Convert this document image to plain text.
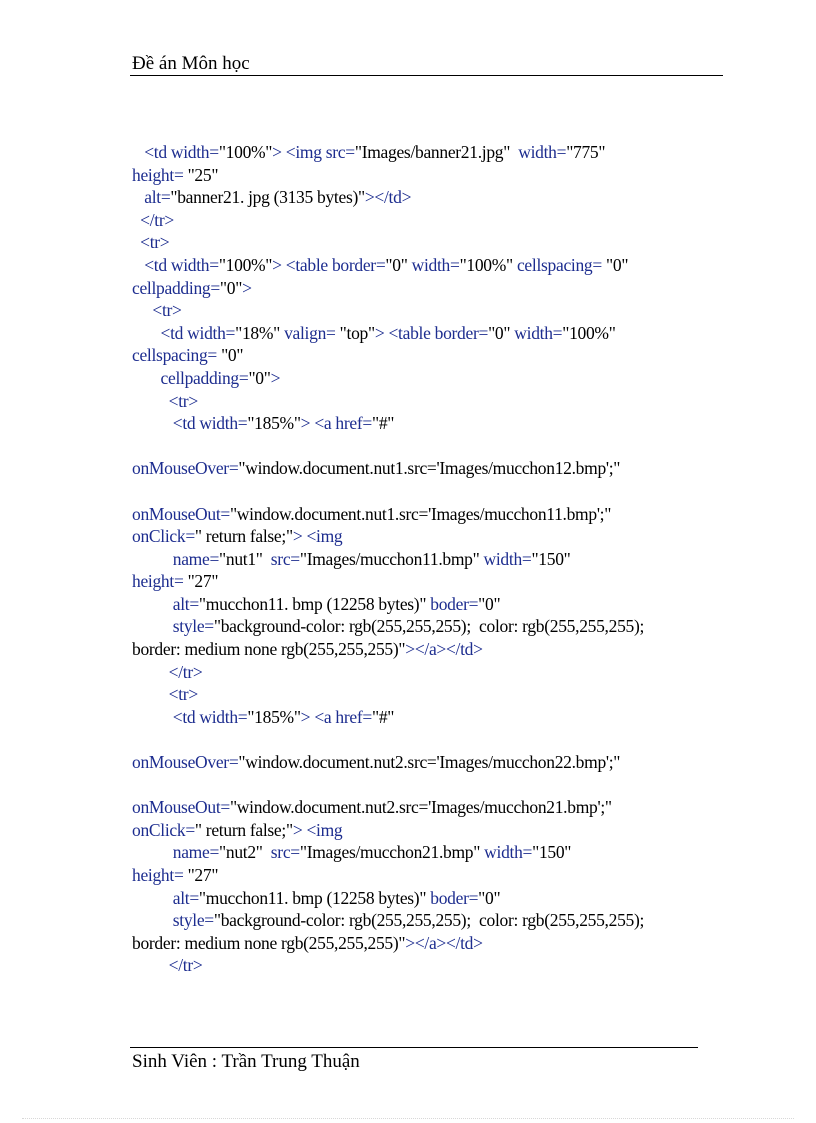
Đề án Môn học
<td width="100%"> <img src="Images/banner21.jpg"  width="775"
height= "25"
alt="banner21. jpg (3135 bytes)"></td>
</tr>
<tr>
<td width="100%"> <table border="0" width="100%" cellspacing= "0"
cellpadding="0">
<tr>
<td width="18%" valign= "top"> <table border="0" width="100%"
cellspacing= "0"
cellpadding="0">
<tr>
<td width="185%"> <a href="#"
onMouseOver="window.document.nut1.src='Images/mucchon12.bmp';"
onMouseOut="window.document.nut1.src='Images/mucchon11.bmp';"
onClick=" return false;"> <img
name="nut1"  src="Images/mucchon11.bmp" width="150"
height= "27"
alt="mucchon11. bmp (12258 bytes)" boder="0"
style="background-color: rgb(255,255,255);  color: rgb(255,255,255);
border: medium none rgb(255,255,255)"></a></td>
</tr>
<tr>
<td width="185%"> <a href="#"
onMouseOver="window.document.nut2.src='Images/mucchon22.bmp';"
onMouseOut="window.document.nut2.src='Images/mucchon21.bmp';"
onClick=" return false;"> <img
name="nut2"  src="Images/mucchon21.bmp" width="150"
height= "27"
alt="mucchon11. bmp (12258 bytes)" boder="0"
style="background-color: rgb(255,255,255);  color: rgb(255,255,255);
border: medium none rgb(255,255,255)"></a></td>
</tr>
Sinh Viên : Trần Trung Thuận
